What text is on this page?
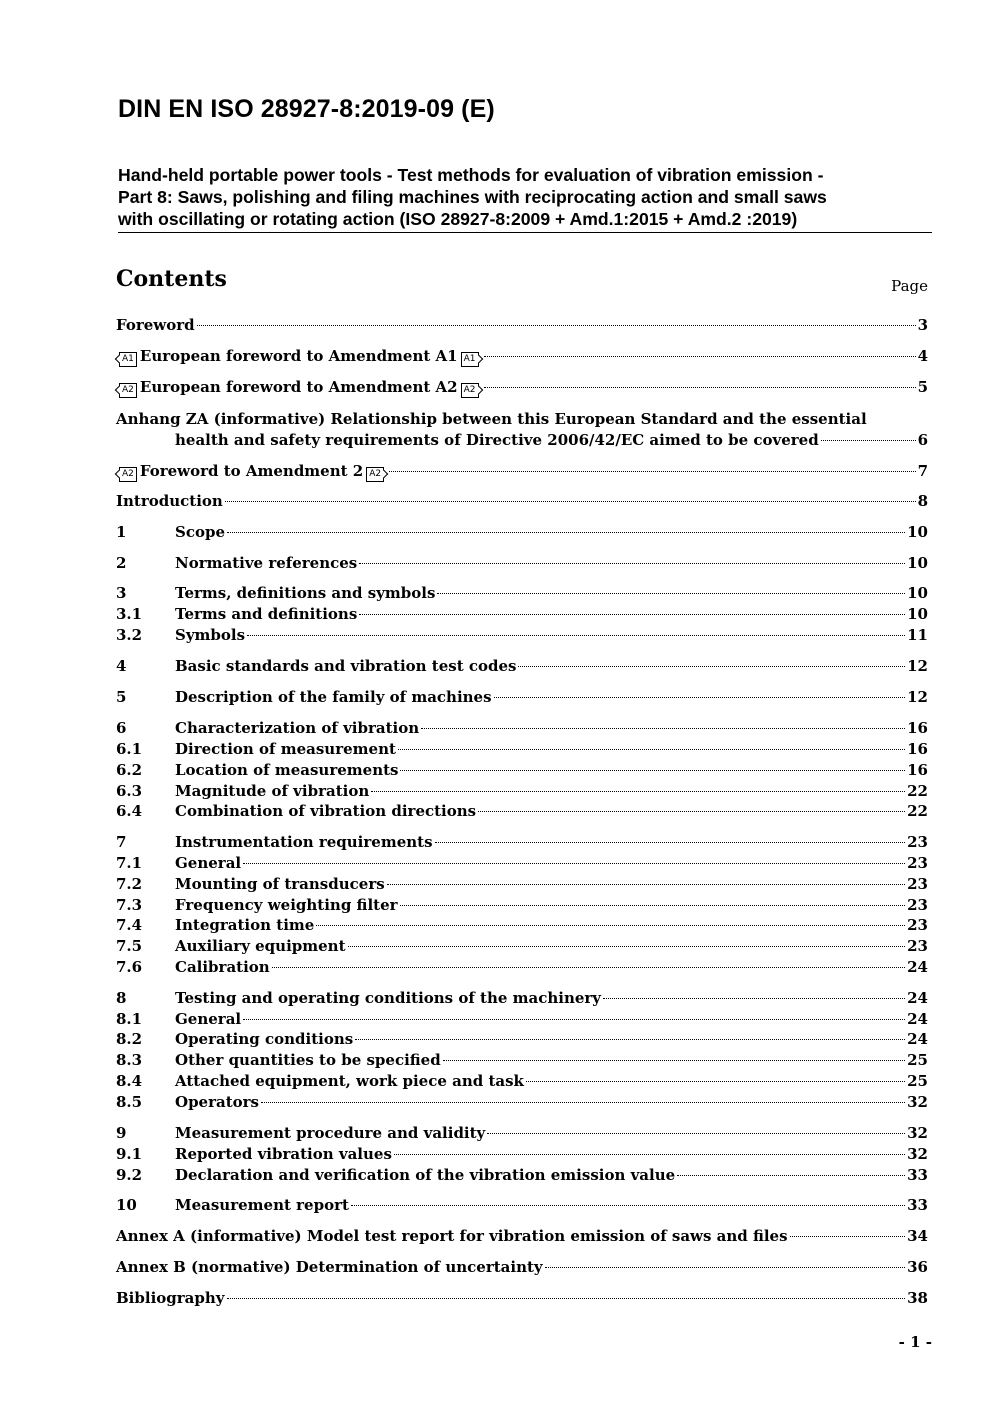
DIN EN ISO 28927-8:2019-09 (E)
Hand-held portable power tools - Test methods for evaluation of vibration emission -
Part 8: Saws, polishing and filing machines with reciprocating action and small saws
with oscillating or rotating action (ISO 28927-8:2009 + Amd.1:2015 + Amd.2 :2019)
Contents	Page
Foreword	3
A1 European foreword to Amendment A1 A1	4
A2 European foreword to Amendment A2 A2	5
Anhang ZA (informative) Relationship between this European Standard and the essential
health and safety requirements of Directive 2006/42/EC aimed to be covered	6
A2 Foreword to Amendment 2 A2	7
Introduction	8
1	Scope	10
2	Normative references	10
3	Terms, definitions and symbols	10
3.1 Terms and definitions	10
3.2 Symbols	11
4	Basic standards and vibration test codes	12
5	Description of the family of machines	12
6	Characterization of vibration	16
6.1 Direction of measurement	16
6.2 Location of measurements	16
6.3 Magnitude of vibration	22
6.4 Combination of vibration directions	22
7	Instrumentation requirements	23
7.1 General	23
7.2 Mounting of transducers	23
7.3 Frequency weighting filter	23
7.4 Integration time	23
7.5 Auxiliary equipment	23
7.6 Calibration	24
8	Testing and operating conditions of the machinery	24
8.1 General	24
8.2 Operating conditions	24
8.3 Other quantities to be specified	25
8.4 Attached equipment, work piece and task	25
8.5 Operators	32
9	Measurement procedure and validity	32
9.1 Reported vibration values	32
9.2 Declaration and verification of the vibration emission value	33
10	Measurement report	33
Annex A (informative) Model test report for vibration emission of saws and files	34
Annex B (normative) Determination of uncertainty	36
Bibliography	38
- 1 -
